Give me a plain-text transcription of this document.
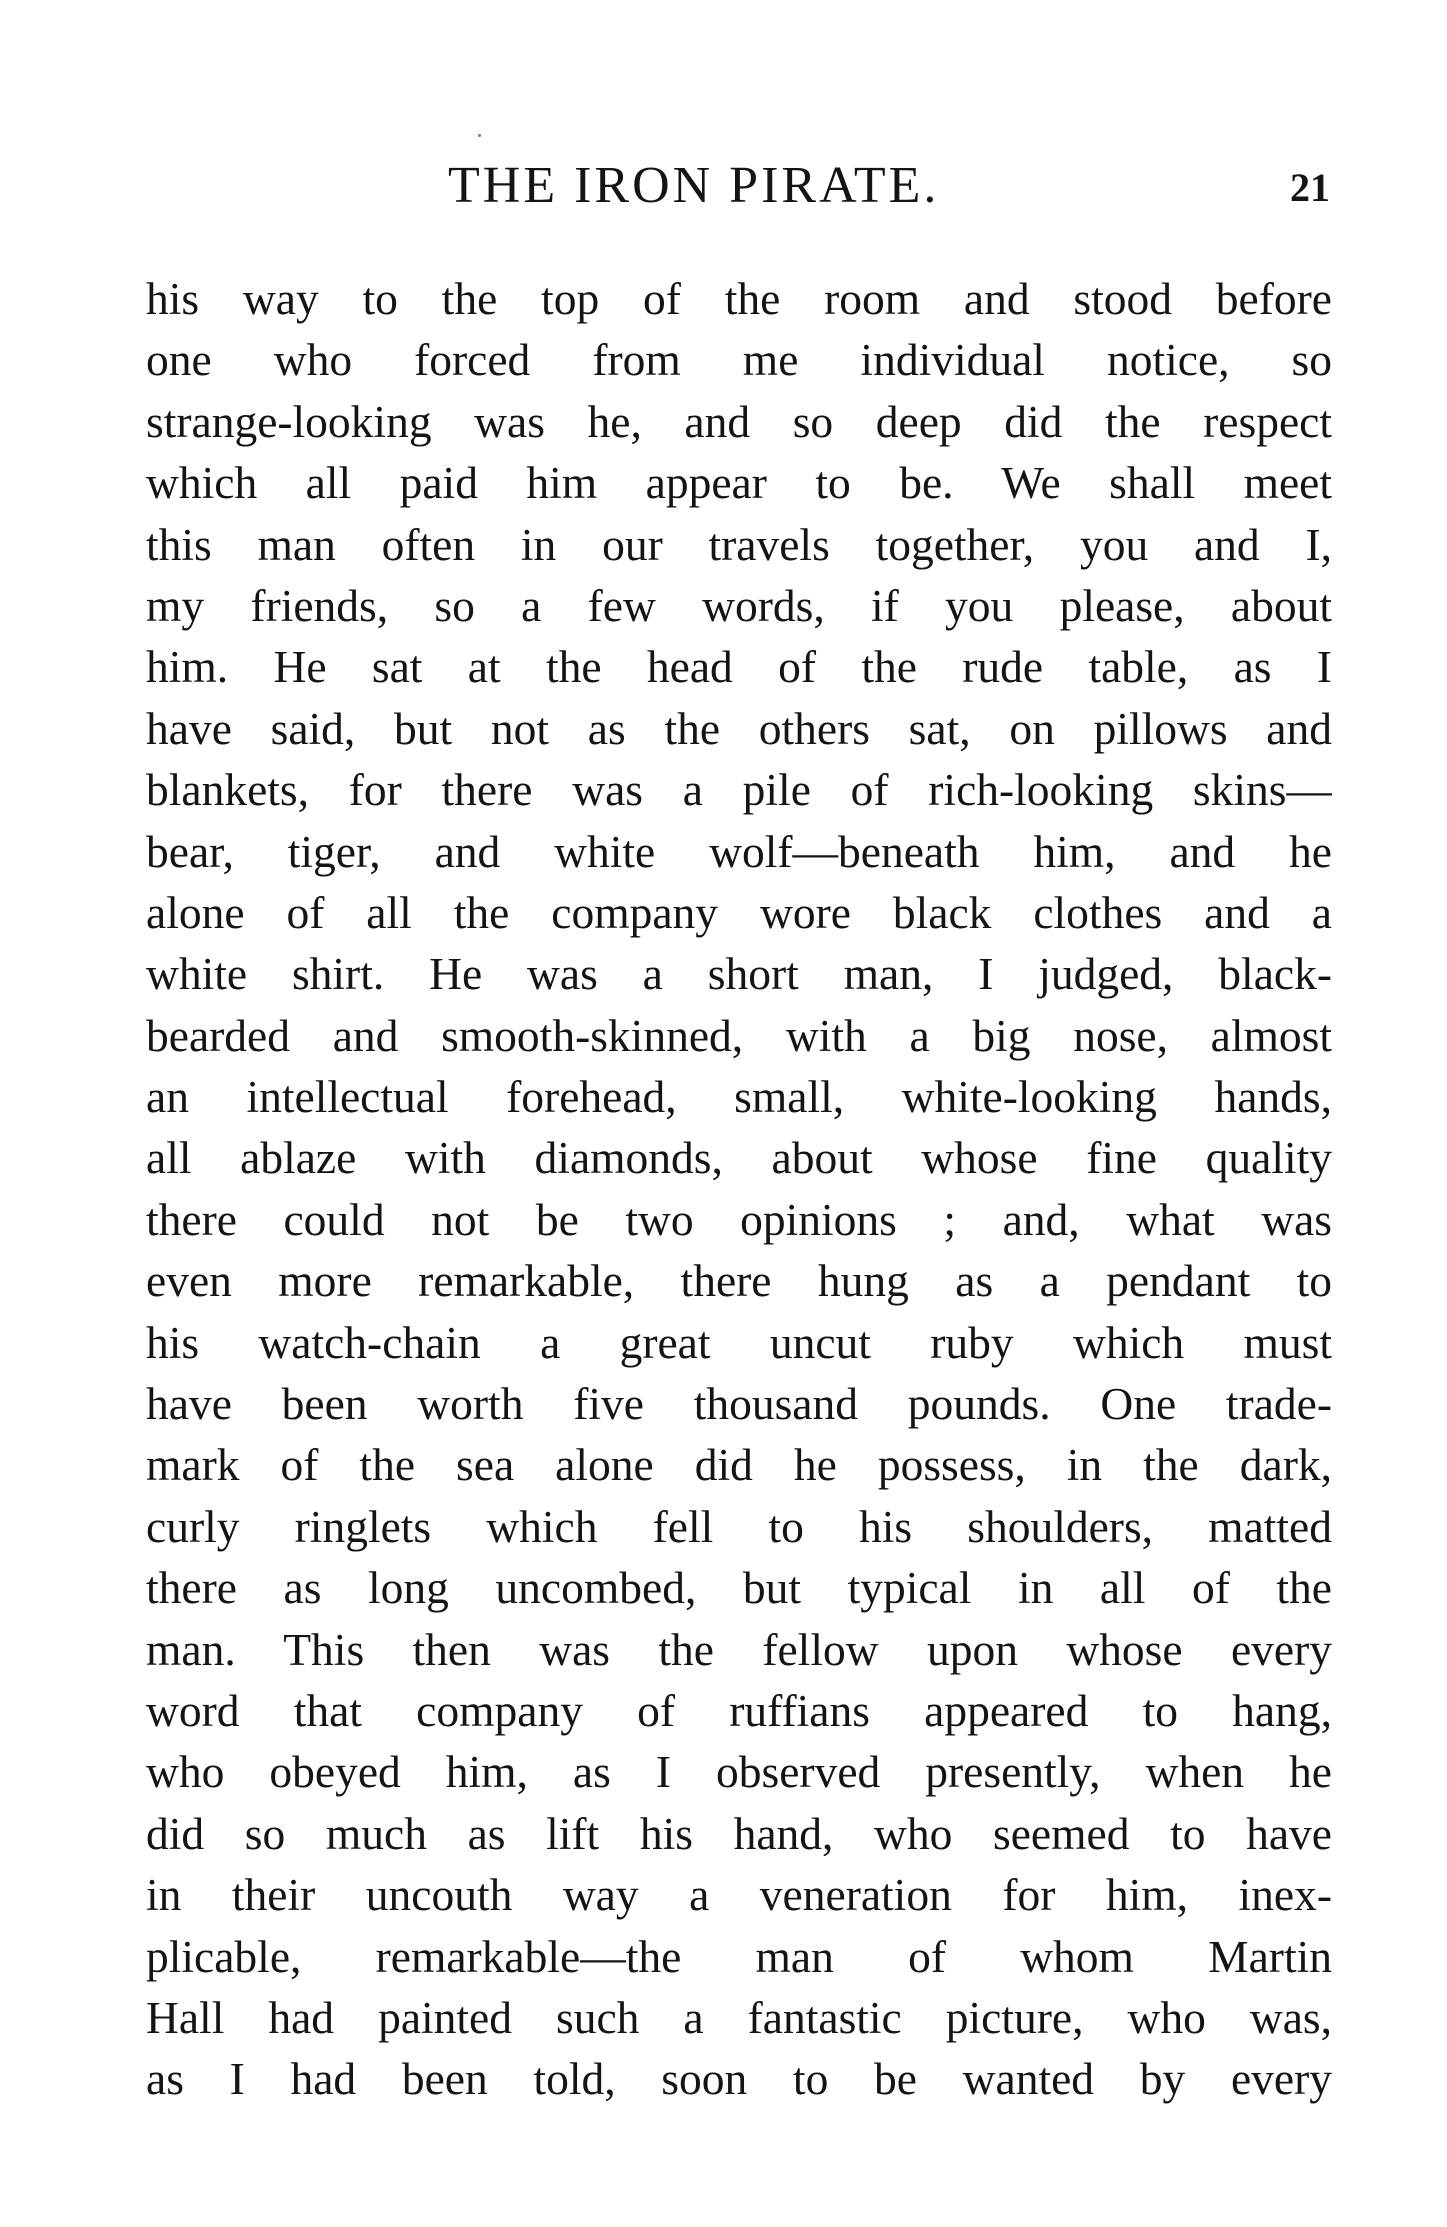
THE IRON PIRATE.	21
his way to the top of the room and stood before
one who forced from me individual notice, so
strange-looking was he, and so deep did the respect
which all paid him appear to be. We shall meet
this man often in our travels together, you and I,
my friends, so a few words, if you please, about
him. He sat at the head of the rude table, as I
have said, but not as the others sat, on pillows and
blankets, for there was a pile of rich-looking skins—
bear, tiger, and white wolf—beneath him, and he
alone of all the company wore black clothes and a
white shirt. He was a short man, I judged, black-
bearded and smooth-skinned, with a big nose, almost
an intellectual forehead, small, white-looking hands,
all ablaze with diamonds, about whose fine quality
there could not be two opinions ; and, what was
even more remarkable, there hung as a pendant to
his watch-chain a great uncut ruby which must
have been worth five thousand pounds. One trade-
mark of the sea alone did he possess, in the dark,
curly ringlets which fell to his shoulders, matted
there as long uncombed, but typical in all of the
man. This then was the fellow upon whose every
word that company of ruffians appeared to hang,
who obeyed him, as I observed presently, when he
did so much as lift his hand, who seemed to have
in their uncouth way a veneration for him, inex-
plicable, remarkable—the man of whom Martin
Hall had painted such a fantastic picture, who was,
as I had been told, soon to be wanted by every
